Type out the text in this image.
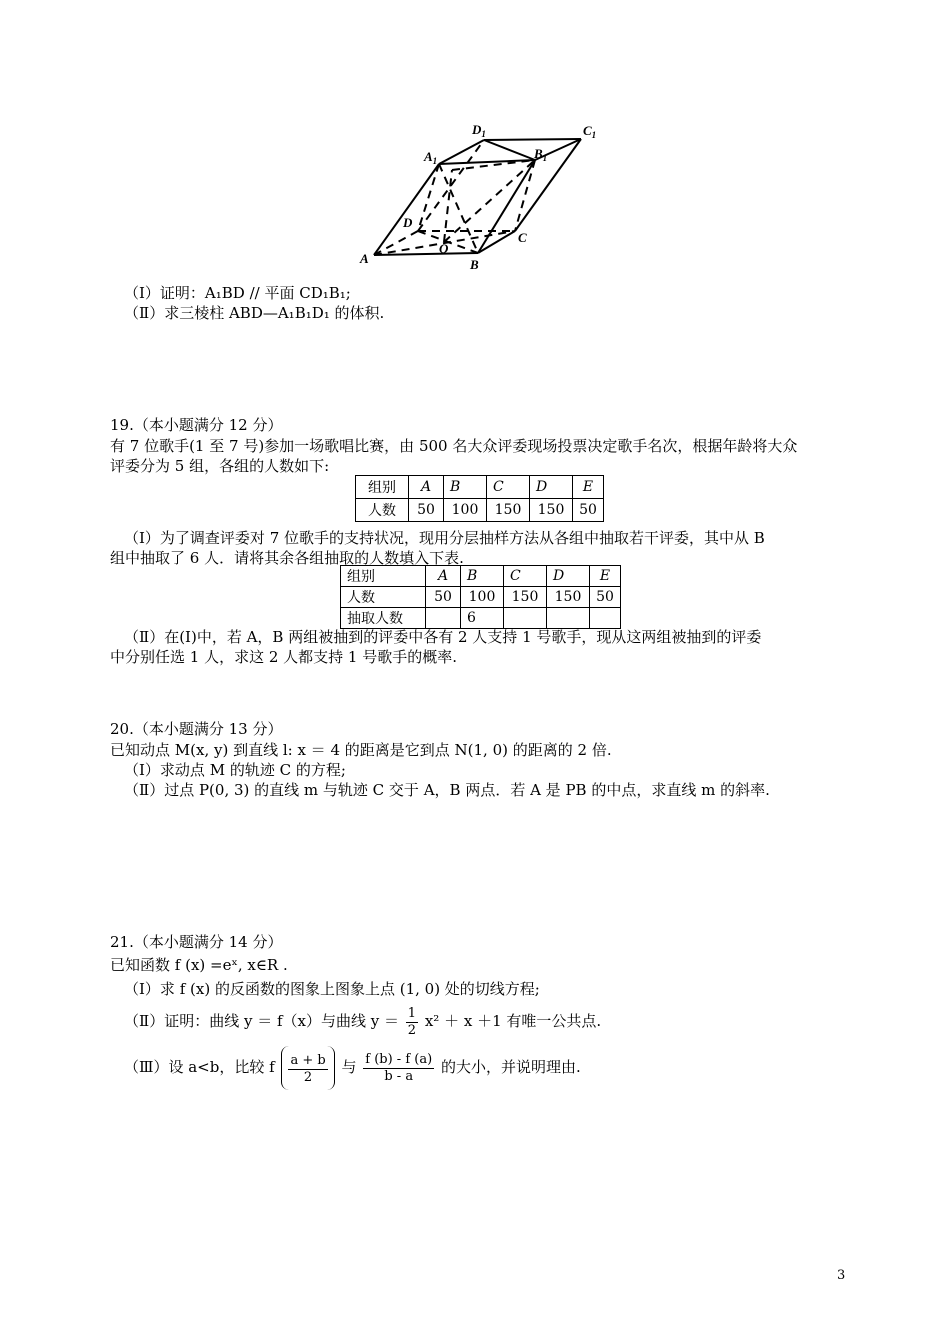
$D_1$	$C_1$
$A_1$	$B_1$
D
C
A	B
O
（Ⅰ）证明：A₁BD // 平面 CD₁B₁;
（Ⅱ）求三棱柱 ABD—A₁B₁D₁ 的体积.
19.（本小题满分 12 分）
有 7 位歌手(1 至 7 号)参加一场歌唱比赛，由 500 名大众评委现场投票决定歌手名次，根据年龄将大众
评委分为 5 组，各组的人数如下:
组别	A	B	C	D	E
人数	50	100	150	150	50
（Ⅰ）为了调查评委对 7 位歌手的支持状况，现用分层抽样方法从各组中抽取若干评委，其中从 B
组中抽取了 6 人．请将其余各组抽取的人数填入下表.
组别	A	B	C	D	E
人数	50	100	150	150	50
抽取人数		6			
（Ⅱ）在(Ⅰ)中，若 A，B 两组被抽到的评委中各有 2 人支持 1 号歌手，现从这两组被抽到的评委
中分别任选 1 人，求这 2 人都支持 1 号歌手的概率.
20.（本小题满分 13 分）
已知动点 M(x, y) 到直线 l: x ＝ 4 的距离是它到点 N(1, 0) 的距离的 2 倍.
（Ⅰ）求动点 M 的轨迹 C 的方程;
（Ⅱ）过点 P(0, 3) 的直线 m 与轨迹 C 交于 A，B 两点．若 A 是 PB 的中点，求直线 m 的斜率.
21.（本小题满分 14 分）
已知函数 f (x) =eˣ, x∈R .
（Ⅰ）求 f (x) 的反函数的图象上图象上点 (1, 0) 处的切线方程;
（Ⅱ）证明：曲线 y ＝ f（x）与曲线 $y = \frac{1}{2} x^2 + x +1$ 有唯一公共点.
（Ⅲ）设 a<b，比较 f $\frac{a + b}{2}$ 与 $\frac{f (b) - f (a)}{b - a}$ 的大小，并说明理由.
3
